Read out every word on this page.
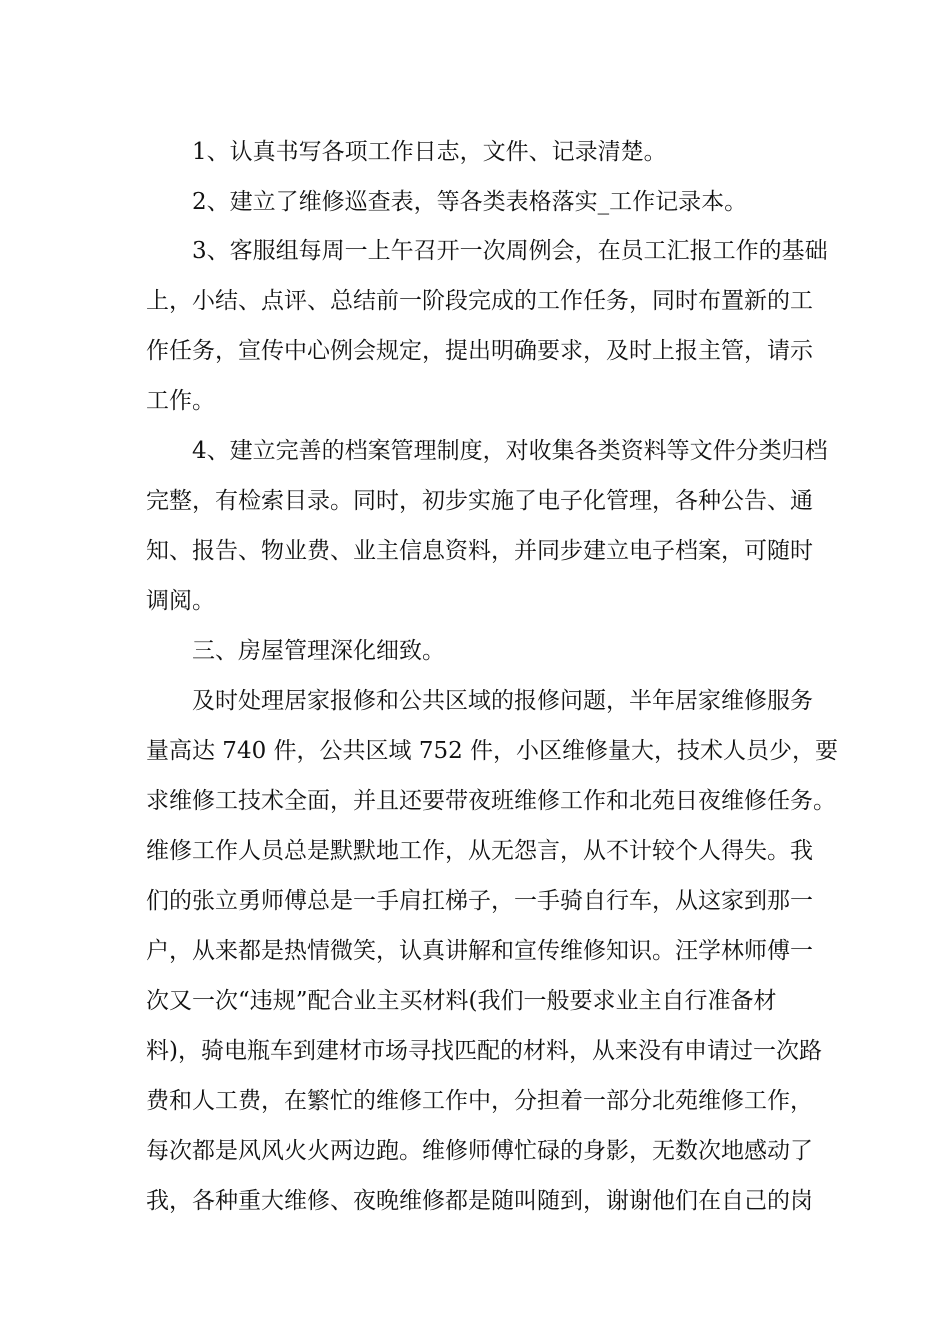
1、认真书写各项工作日志，文件、记录清楚。
2、建立了维修巡查表，等各类表格落实_工作记录本。
3、客服组每周一上午召开一次周例会，在员工汇报工作的基础
上，小结、点评、总结前一阶段完成的工作任务，同时布置新的工
作任务，宣传中心例会规定，提出明确要求，及时上报主管，请示
工作。
4、建立完善的档案管理制度，对收集各类资料等文件分类归档
完整，有检索目录。同时，初步实施了电子化管理，各种公告、通
知、报告、物业费、业主信息资料，并同步建立电子档案，可随时
调阅。
三、房屋管理深化细致。
及时处理居家报修和公共区域的报修问题，半年居家维修服务
量高达 740 件，公共区域 752 件，小区维修量大，技术人员少，要
求维修工技术全面，并且还要带夜班维修工作和北苑日夜维修任务。
维修工作人员总是默默地工作，从无怨言，从不计较个人得失。我
们的张立勇师傅总是一手肩扛梯子，一手骑自行车，从这家到那一
户，从来都是热情微笑，认真讲解和宣传维修知识。汪学林师傅一
次又一次“违规”配合业主买材料(我们一般要求业主自行准备材
料)，骑电瓶车到建材市场寻找匹配的材料，从来没有申请过一次路
费和人工费，在繁忙的维修工作中，分担着一部分北苑维修工作，
每次都是风风火火两边跑。维修师傅忙碌的身影，无数次地感动了
我，各种重大维修、夜晚维修都是随叫随到，谢谢他们在自己的岗
